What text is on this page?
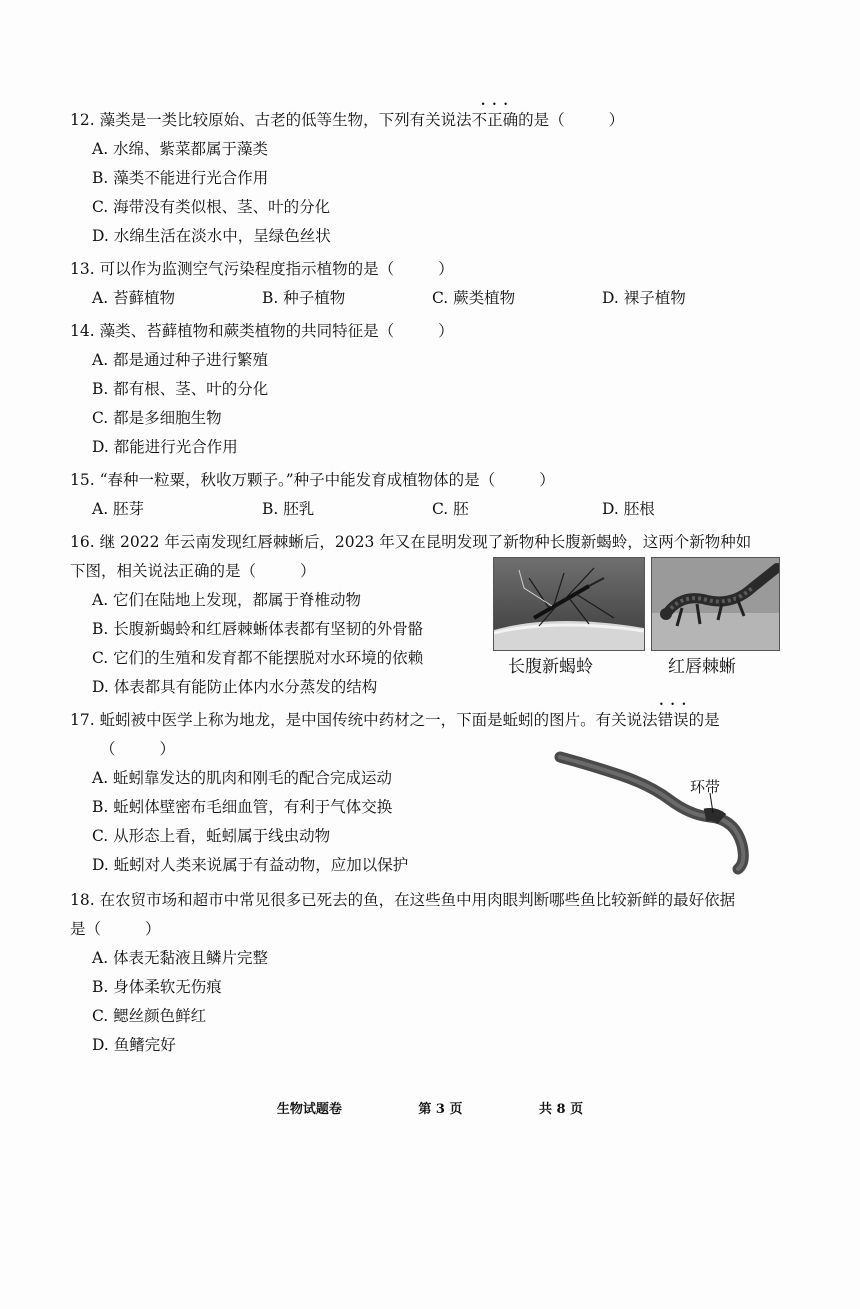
12. 藻类是一类比较原始、古老的低等生物，下列有关说法不正确 • • •的是（	）
A. 水绵、紫菜都属于藻类
B. 藻类不能进行光合作用
C. 海带没有类似根、茎、叶的分化
D. 水绵生活在淡水中，呈绿色丝状
13. 可以作为监测空气污染程度指示植物的是（	）
A. 苔藓植物	B. 种子植物	C. 蕨类植物	D. 裸子植物
14. 藻类、苔藓植物和蕨类植物的共同特征是（	）
A. 都是通过种子进行繁殖
B. 都有根、茎、叶的分化
C. 都是多细胞生物
D. 都能进行光合作用
15. “春种一粒粟，秋收万颗子。”种子中能发育成植物体的是（	）
A. 胚芽	B. 胚乳	C. 胚	D. 胚根
16. 继 2022 年云南发现红唇棘蜥后，2023 年又在昆明发现了新物种长腹新蝎蛉，这两个新物种如
下图，相关说法正确的是（	）
A. 它们在陆地上发现，都属于脊椎动物
B. 长腹新蝎蛉和红唇棘蜥体表都有坚韧的外骨骼
C. 它们的生殖和发育都不能摆脱对水环境的依赖
D. 体表都具有能防止体内水分蒸发的结构
长腹新蝎蛉	红唇棘蜥
17. 蚯蚓被中医学上称为地龙，是中国传统中药材之一，下面是蚯蚓的图片。有关说法错误 • • •的是
（	）
A. 蚯蚓靠发达的肌肉和刚毛的配合完成运动
B. 蚯蚓体壁密布毛细血管，有利于气体交换
C. 从形态上看，蚯蚓属于线虫动物
D. 蚯蚓对人类来说属于有益动物，应加以保护
环带
18. 在农贸市场和超市中常见很多已死去的鱼，在这些鱼中用肉眼判断哪些鱼比较新鲜的最好依据
是（	）
A. 体表无黏液且鳞片完整
B. 身体柔软无伤痕
C. 鳃丝颜色鲜红
D. 鱼鳍完好
生物试题卷	第 3 页	共 8 页
